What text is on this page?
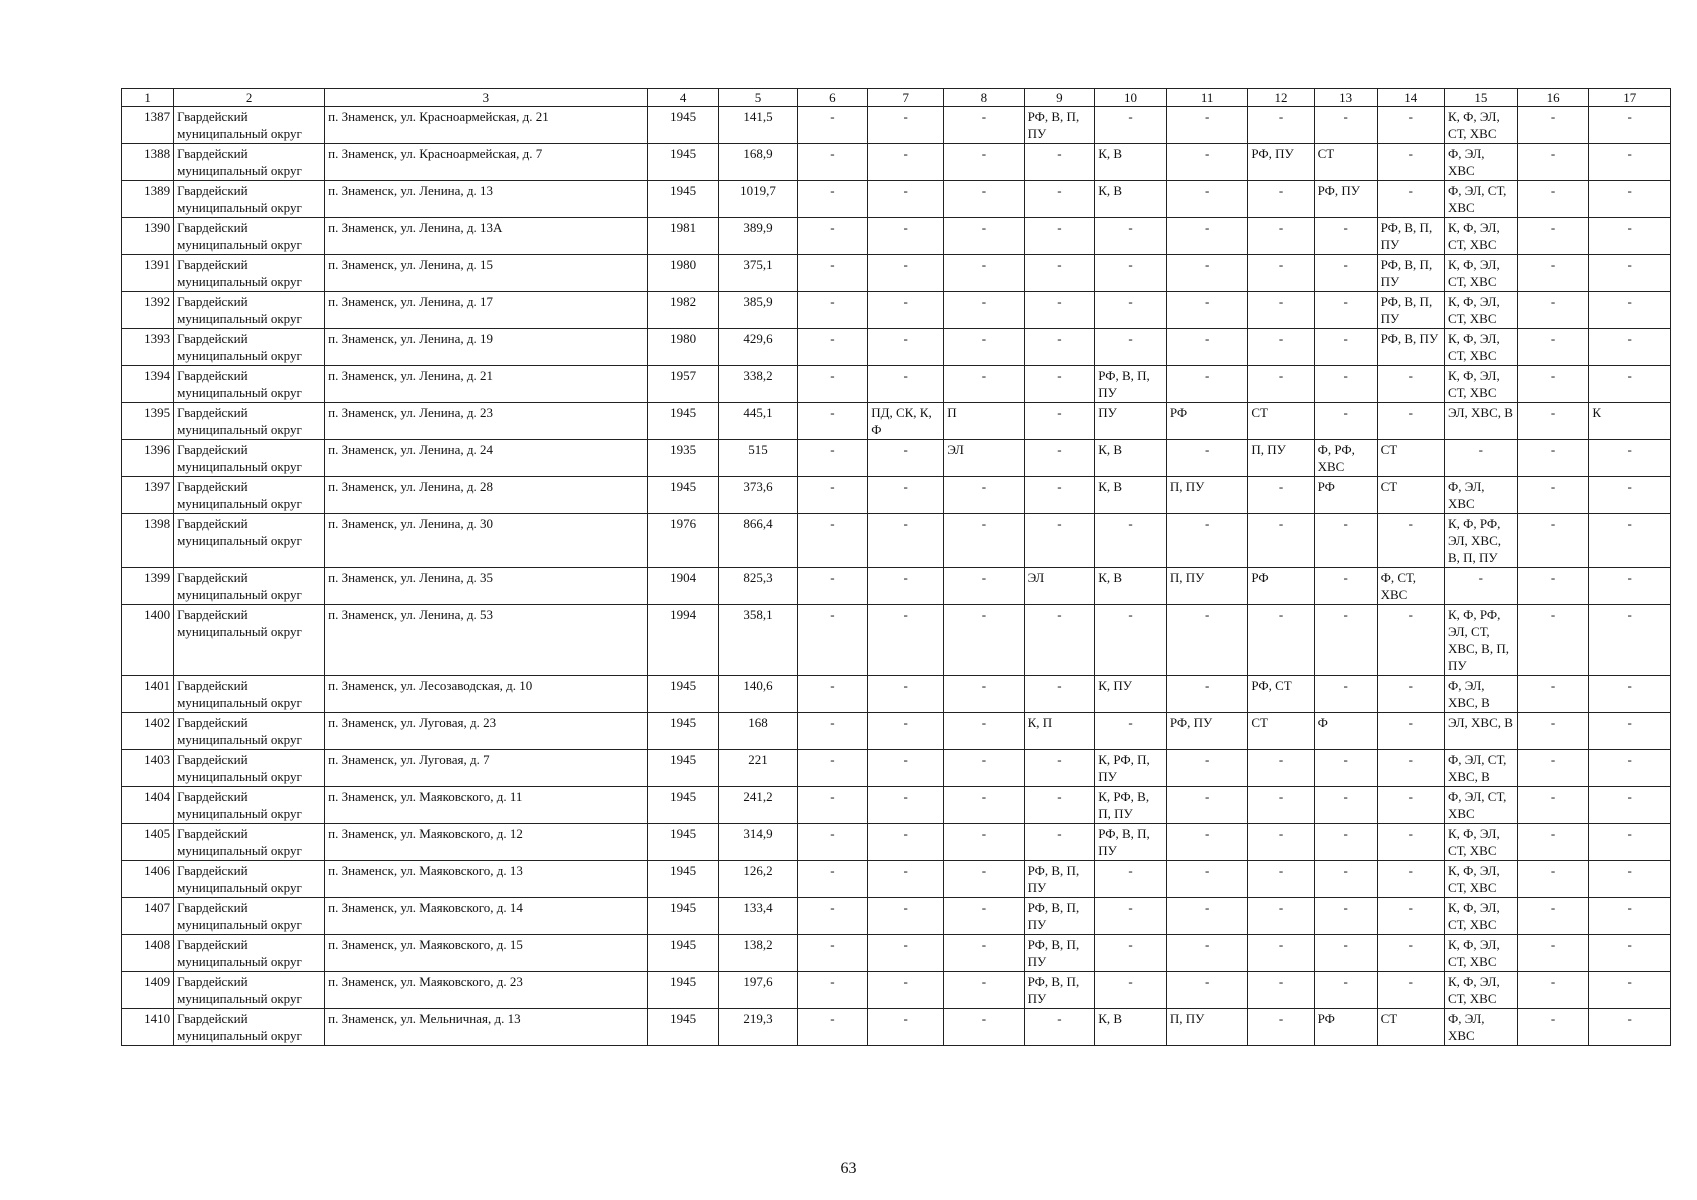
1	2	3	4	5	6	7	8	9	10	11	12	13	14	15	16	17
1387	Гвардейский муниципальный округ	п. Знаменск, ул. Красноармейская, д. 21	1945	141,5	-	-	-	РФ, В, П, ПУ	-	-	-	-	-	К, Ф, ЭЛ, СТ, ХВС	-	-
1388	Гвардейский муниципальный округ	п. Знаменск, ул. Красноармейская, д. 7	1945	168,9	-	-	-	-	К, В	-	РФ, ПУ	СТ	-	Ф, ЭЛ, ХВС	-	-
1389	Гвардейский муниципальный округ	п. Знаменск, ул. Ленина, д. 13	1945	1019,7	-	-	-	-	К, В	-	-	РФ, ПУ	-	Ф, ЭЛ, СТ, ХВС	-	-
1390	Гвардейский муниципальный округ	п. Знаменск, ул. Ленина, д. 13А	1981	389,9	-	-	-	-	-	-	-	-	РФ, В, П, ПУ	К, Ф, ЭЛ, СТ, ХВС	-	-
1391	Гвардейский муниципальный округ	п. Знаменск, ул. Ленина, д. 15	1980	375,1	-	-	-	-	-	-	-	-	РФ, В, П, ПУ	К, Ф, ЭЛ, СТ, ХВС	-	-
1392	Гвардейский муниципальный округ	п. Знаменск, ул. Ленина, д. 17	1982	385,9	-	-	-	-	-	-	-	-	РФ, В, П, ПУ	К, Ф, ЭЛ, СТ, ХВС	-	-
1393	Гвардейский муниципальный округ	п. Знаменск, ул. Ленина, д. 19	1980	429,6	-	-	-	-	-	-	-	-	РФ, В, ПУ	К, Ф, ЭЛ, СТ, ХВС	-	-
1394	Гвардейский муниципальный округ	п. Знаменск, ул. Ленина, д. 21	1957	338,2	-	-	-	-	РФ, В, П, ПУ	-	-	-	-	К, Ф, ЭЛ, СТ, ХВС	-	-
1395	Гвардейский муниципальный округ	п. Знаменск, ул. Ленина, д. 23	1945	445,1	-	ПД, СК, К, Ф	П	-	ПУ	РФ	СТ	-	-	ЭЛ, ХВС, В	-	К
1396	Гвардейский муниципальный округ	п. Знаменск, ул. Ленина, д. 24	1935	515	-	-	ЭЛ	-	К, В	-	П, ПУ	Ф, РФ, ХВС	СТ	-	-	-
1397	Гвардейский муниципальный округ	п. Знаменск, ул. Ленина, д. 28	1945	373,6	-	-	-	-	К, В	П, ПУ	-	РФ	СТ	Ф, ЭЛ, ХВС	-	-
1398	Гвардейский муниципальный округ	п. Знаменск, ул. Ленина, д. 30	1976	866,4	-	-	-	-	-	-	-	-	-	К, Ф, РФ, ЭЛ, ХВС, В, П, ПУ	-	-
1399	Гвардейский муниципальный округ	п. Знаменск, ул. Ленина, д. 35	1904	825,3	-	-	-	ЭЛ	К, В	П, ПУ	РФ	-	Ф, СТ, ХВС	-	-	-
1400	Гвардейский муниципальный округ	п. Знаменск, ул. Ленина, д. 53	1994	358,1	-	-	-	-	-	-	-	-	-	К, Ф, РФ, ЭЛ, СТ, ХВС, В, П, ПУ	-	-
1401	Гвардейский муниципальный округ	п. Знаменск, ул. Лесозаводская, д. 10	1945	140,6	-	-	-	-	К, ПУ	-	РФ, СТ	-	-	Ф, ЭЛ, ХВС, В	-	-
1402	Гвардейский муниципальный округ	п. Знаменск, ул. Луговая, д. 23	1945	168	-	-	-	К, П	-	РФ, ПУ	СТ	Ф	-	ЭЛ, ХВС, В	-	-
1403	Гвардейский муниципальный округ	п. Знаменск, ул. Луговая, д. 7	1945	221	-	-	-	-	К, РФ, П, ПУ	-	-	-	-	Ф, ЭЛ, СТ, ХВС, В	-	-
1404	Гвардейский муниципальный округ	п. Знаменск, ул. Маяковского, д. 11	1945	241,2	-	-	-	-	К, РФ, В, П, ПУ	-	-	-	-	Ф, ЭЛ, СТ, ХВС	-	-
1405	Гвардейский муниципальный округ	п. Знаменск, ул. Маяковского, д. 12	1945	314,9	-	-	-	-	РФ, В, П, ПУ	-	-	-	-	К, Ф, ЭЛ, СТ, ХВС	-	-
1406	Гвардейский муниципальный округ	п. Знаменск, ул. Маяковского, д. 13	1945	126,2	-	-	-	РФ, В, П, ПУ	-	-	-	-	-	К, Ф, ЭЛ, СТ, ХВС	-	-
1407	Гвардейский муниципальный округ	п. Знаменск, ул. Маяковского, д. 14	1945	133,4	-	-	-	РФ, В, П, ПУ	-	-	-	-	-	К, Ф, ЭЛ, СТ, ХВС	-	-
1408	Гвардейский муниципальный округ	п. Знаменск, ул. Маяковского, д. 15	1945	138,2	-	-	-	РФ, В, П, ПУ	-	-	-	-	-	К, Ф, ЭЛ, СТ, ХВС	-	-
1409	Гвардейский муниципальный округ	п. Знаменск, ул. Маяковского, д. 23	1945	197,6	-	-	-	РФ, В, П, ПУ	-	-	-	-	-	К, Ф, ЭЛ, СТ, ХВС	-	-
1410	Гвардейский муниципальный округ	п. Знаменск, ул. Мельничная, д. 13	1945	219,3	-	-	-	-	К, В	П, ПУ	-	РФ	СТ	Ф, ЭЛ, ХВС	-	-
63
